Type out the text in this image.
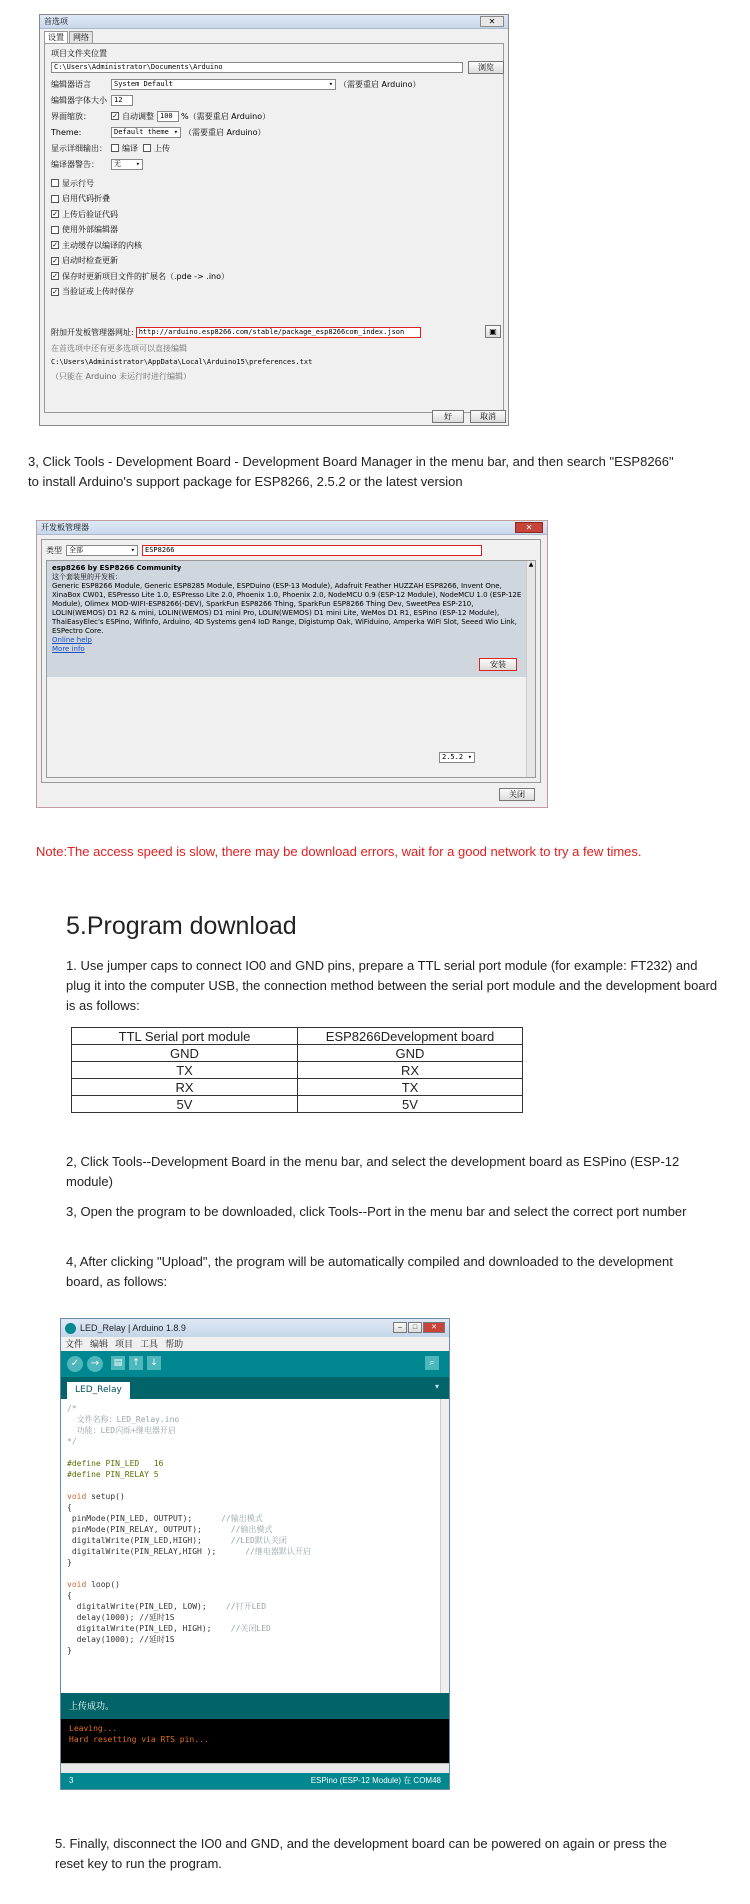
首选项	✕
设置	网络
项目文件夹位置
C:\Users\Administrator\Documents\Arduino	浏览
编辑器语言	System Default ▾	（需要重启 Arduino）
编辑器字体大小	12
界面缩放：	✓ 自动调整 100	%（需要重启 Arduino）
Theme:	Default theme ▾	（需要重启 Arduino）
显示详细输出：	编译 上传
编译器警告：	无 ▾
显示行号
启用代码折叠
✓ 上传后验证代码
使用外部编辑器
✓ 主动缓存以编译的内核
✓ 启动时检查更新
✓ 保存时更新项目文件的扩展名（.pde -> .ino）
✓ 当验证或上传时保存
附加开发板管理器网址: http://arduino.esp8266.com/stable/package_esp8266com_index.json	▣
在首选项中还有更多选项可以直接编辑
C:\Users\Administrator\AppData\Local\Arduino15\preferences.txt
（只能在 Arduino 未运行时进行编辑）
好	取消
3, Click Tools - Development Board - Development Board Manager in the menu bar, and then search "ESP8266" to install Arduino's support package for ESP8266, 2.5.2 or the latest version
开发板管理器	✕
类型	全部 ▾	ESP8266
esp8266 by ESP8266 Community
这个套装里的开发板：
Generic ESP8266 Module, Generic ESP8285 Module, ESPDuino (ESP-13 Module), Adafruit Feather HUZZAH ESP8266, Invent One, XinaBox CW01, ESPresso Lite 1.0, ESPresso Lite 2.0, Phoenix 1.0, Phoenix 2.0, NodeMCU 0.9 (ESP-12 Module), NodeMCU 1.0 (ESP-12E Module), Olimex MOD-WIFI-ESP8266(-DEV), SparkFun ESP8266 Thing, SparkFun ESP8266 Thing Dev, SweetPea ESP-210, LOLIN(WEMOS) D1 R2 & mini, LOLIN(WEMOS) D1 mini Pro, LOLIN(WEMOS) D1 mini Lite, WeMos D1 R1, ESPino (ESP-12 Module), ThaiEasyElec's ESPino, WifInfo, Arduino, 4D Systems gen4 IoD Range, Digistump Oak, WiFiduino, Amperka WiFi Slot, Seeed Wio Link, ESPectro Core.
Online help
More info
2.5.2 ▾
安装
▲
关闭
Note:The access speed is slow, there may be download errors, wait for a good network to try a few times.
5.Program download
1. Use jumper caps to connect IO0 and GND pins, prepare a TTL serial port module (for example: FT232) and plug it into the computer USB, the connection method between the serial port module and the development board is as follows:
TTL Serial port module	ESP8266Development board
GND	GND
TX	RX
RX	TX
5V	5V
2, Click Tools--Development Board in the menu bar, and select the development board as ESPino (ESP-12 module)
3, Open the program to be downloaded, click Tools--Port in the menu bar and select the correct port number
4, After clicking "Upload", the program will be automatically compiled and downloaded to the development board, as follows:
LED_Relay | Arduino 1.8.9	–	□	✕
文件 编辑 项目 工具 帮助
✓	→	▤	↑	↓	⌕
LED_Relay	▾
/*
文件名称：LED_Relay.ino
功能：LED闪烁+继电器开启
*/

#define PIN_LED   16
#define PIN_RELAY 5

void setup()
{
pinMode(PIN_LED, OUTPUT);      //输出模式
pinMode(PIN_RELAY, OUTPUT);      //输出模式
digitalWrite(PIN_LED,HIGH);      //LED默认关闭
digitalWrite(PIN_RELAY,HIGH );      //继电器默认开启
}

void loop()
{
digitalWrite(PIN_LED, LOW);    //打开LED
delay(1000); //延时1S
digitalWrite(PIN_LED, HIGH);    //关闭LED
delay(1000); //延时1S
}
上传成功。
Leaving...
Hard resetting via RTS pin...
3	ESPino (ESP-12 Module) 在 COM48
5. Finally, disconnect the IO0 and GND, and the development board can be powered on again or press the reset key to run the program.
